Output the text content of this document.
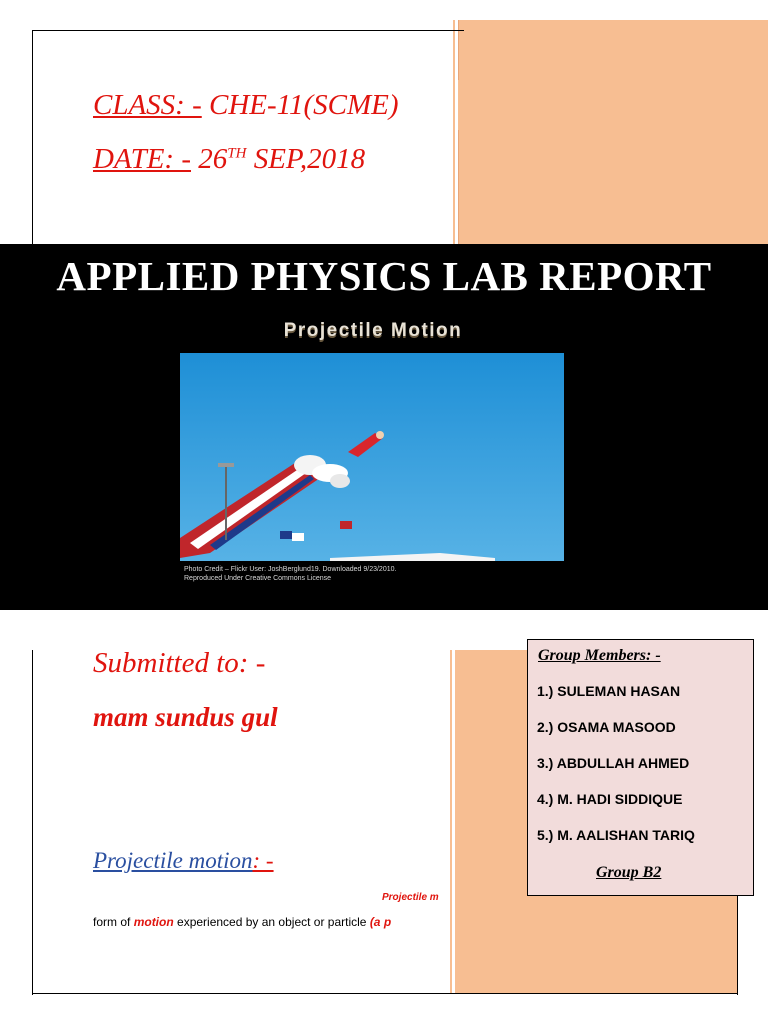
CLASS: - CHE-11(SCME)
DATE: - 26TH SEP,2018
APPLIED PHYSICS LAB REPORT
Projectile Motion
Photo Credit – Flickr User: JoshBerglund19. Downloaded 9/23/2010.
Reproduced Under Creative Commons License
Submitted to: -
mam sundus gul
Group Members: -
1.) SULEMAN HASAN
2.) OSAMA MASOOD
3.) ABDULLAH AHMED
4.) M. HADI SIDDIQUE
5.) M. AALISHAN TARIQ
Group B2
Projectile motion: -
Projectile m
form of motion experienced by an object or particle (a p
